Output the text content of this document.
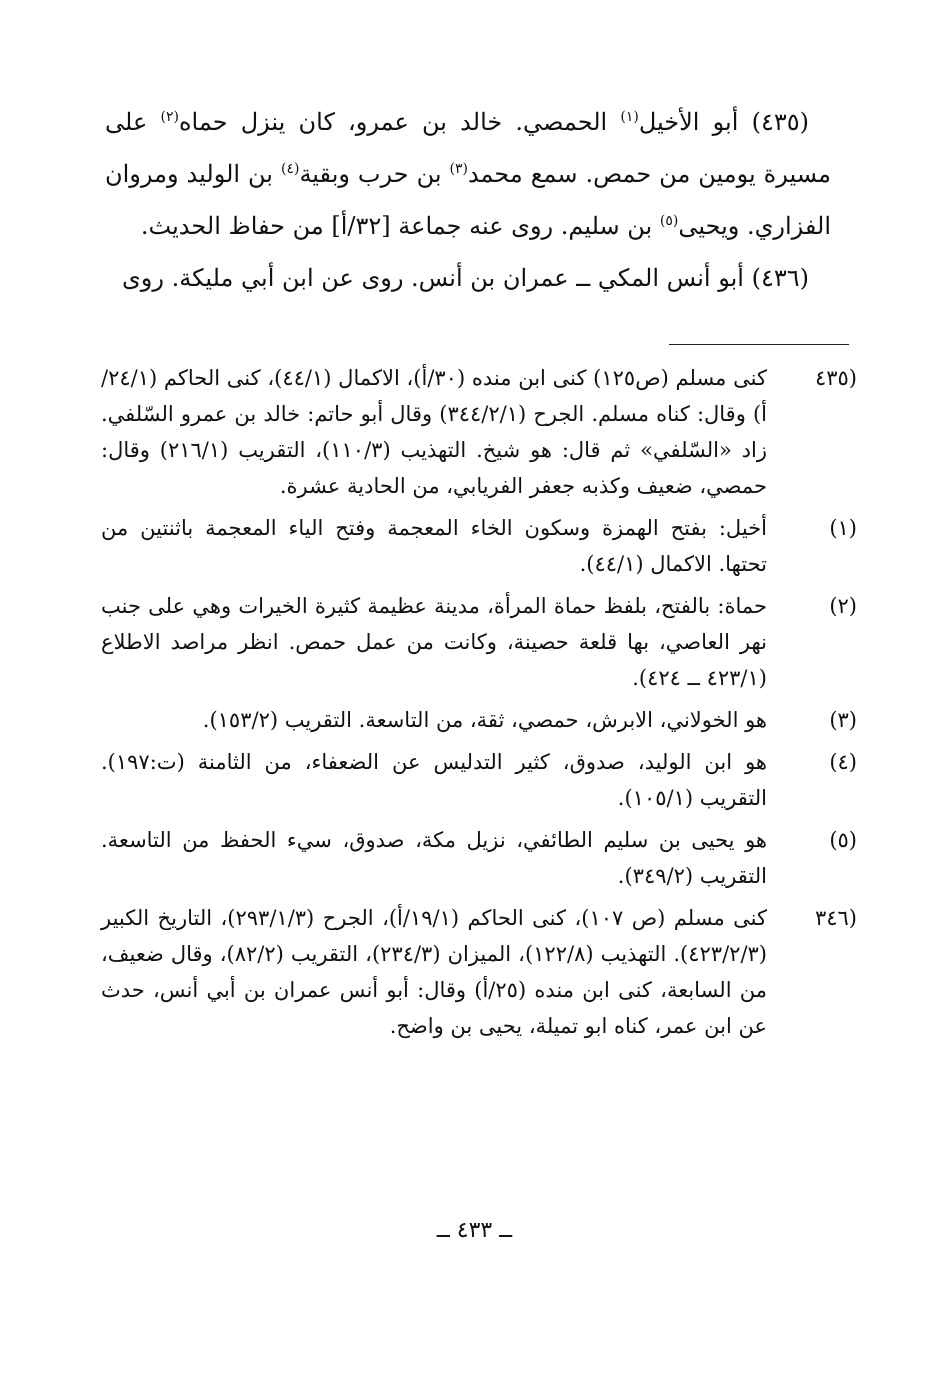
(٤٣٥) أبو الأخيل$^{(١)}$ الحمصي. خالد بن عمرو، كان ينزل حماه$^{(٢)}$ على مسيرة يومين من حمص. سمع محمد$^{(٣)}$ بن حرب وبقية$^{(٤)}$ بن الوليد ومروان الفزاري. ويحيى$^{(٥)}$ بن سليم. روى عنه جماعة [٣٢/أ] من حفاظ الحديث.

(٤٣٦) أبو أنس المكي ــ عمران بن أنس. روى عن ابن أبي مليكة. روى

(٤٣٥
كنى مسلم (ص١٢٥) كنى ابن منده (٣٠/أ)، الاكمال (٤٤/١)، كنى الحاكم (٢٤/١/أ) وقال: كناه مسلم. الجرح (٣٤٤/٢/١) وقال أبو حاتم: خالد بن عمرو السّلفي. زاد «السّلفي» ثم قال: هو شيخ. التهذيب (١١٠/٣)، التقريب (٢١٦/١) وقال: حمصي، ضعيف وكذبه جعفر الفريابي، من الحادية عشرة.
(١)
أخيل: بفتح الهمزة وسكون الخاء المعجمة وفتح الياء المعجمة باثنتين من تحتها. الاكمال (٤٤/١).
(٢)
حماة: بالفتح، بلفظ حماة المرأة، مدينة عظيمة كثيرة الخيرات وهي على جنب نهر العاصي، بها قلعة حصينة، وكانت من عمل حمص. انظر مراصد الاطلاع (٤٢٣/١ ــ ٤٢٤).
(٣)
هو الخولاني، الابرش، حمصي، ثقة، من التاسعة. التقريب (١٥٣/٢).
(٤)
هو ابن الوليد، صدوق، كثير التدليس عن الضعفاء، من الثامنة (ت:١٩٧). التقريب (١٠٥/١).
(٥)
هو يحيى بن سليم الطائفي، نزيل مكة، صدوق، سيء الحفظ من التاسعة. التقريب (٣٤٩/٢).
(٣٤٦
كنى مسلم (ص ١٠٧)، كنى الحاكم (١٩/١/أ)، الجرح (٢٩٣/١/٣)، التاريخ الكبير (٤٢٣/٢/٣). التهذيب (١٢٢/٨)، الميزان (٢٣٤/٣)، التقريب (٨٢/٢)، وقال ضعيف، من السابعة، كنى ابن منده (٢٥/أ) وقال: أبو أنس عمران بن أبي أنس، حدث عن ابن عمر، كناه ابو تميلة، يحيى بن واضح.
ــ ٤٣٣ ــ
